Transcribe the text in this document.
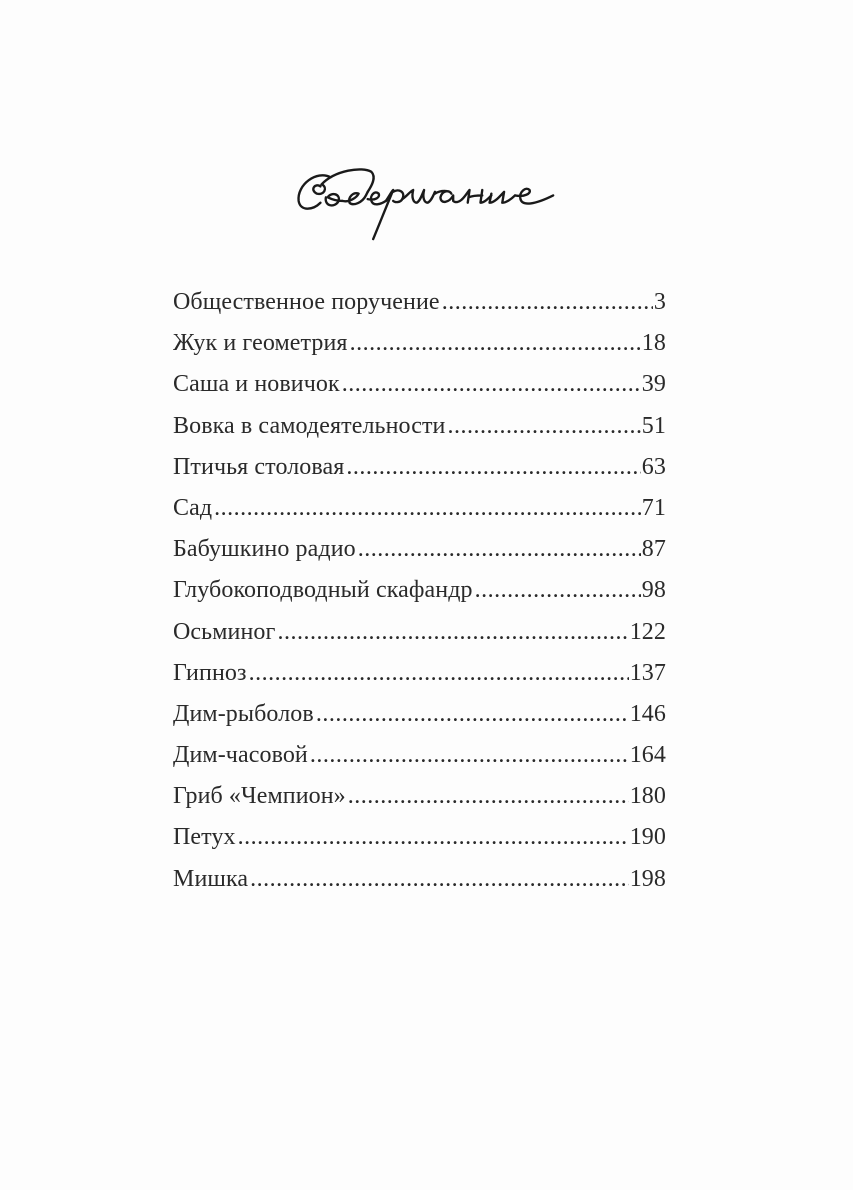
Общественное поручение .....	3
Жук и геометрия .....	18
Саша и новичок .....	39
Вовка в самодеятельности .....	51
Птичья столовая .....	63
Сад .....	71
Бабушкино радио .....	87
Глубокоподводный скафандр .....	98
Осьминог .....	122
Гипноз .....	137
Дим-рыболов .....	146
Дим-часовой .....	164
Гриб «Чемпион» .....	180
Петух .....	190
Мишка .....	198
